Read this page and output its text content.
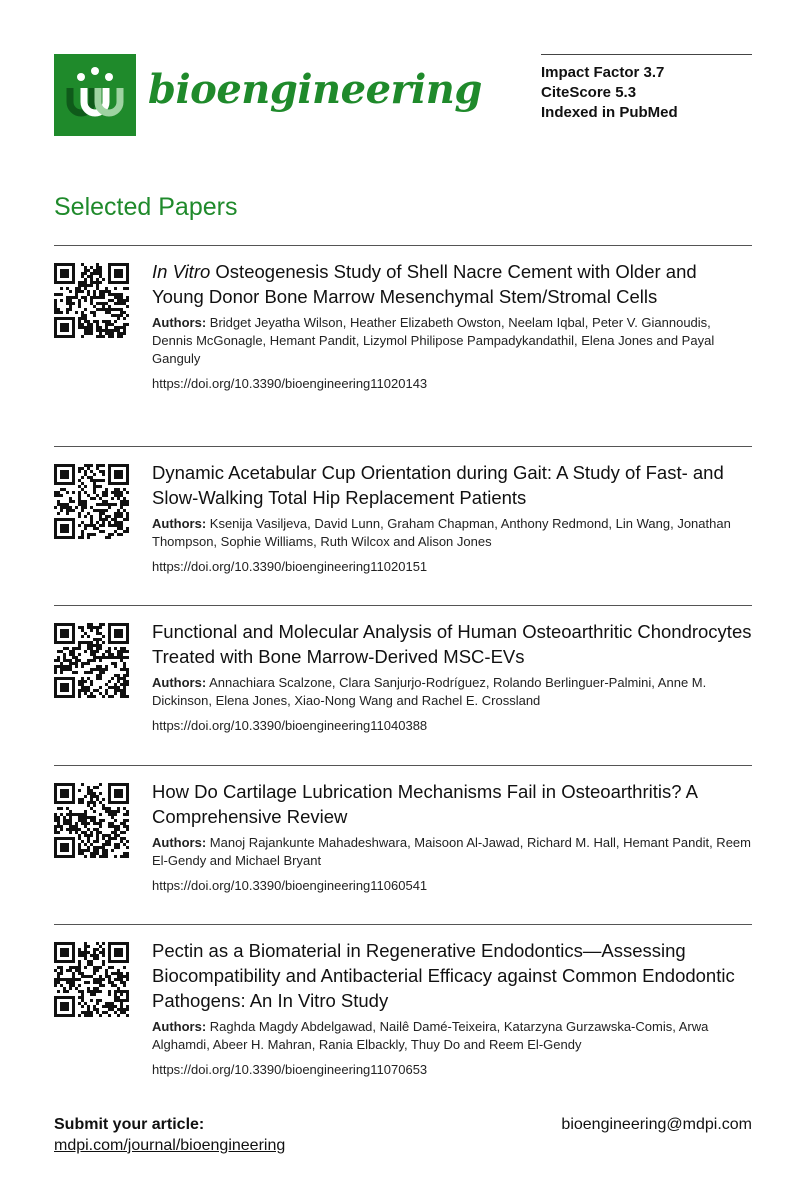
bioengineering	Impact Factor 3.7
CiteScore 5.3
Indexed in PubMed
Selected Papers
In Vitro Osteogenesis Study of Shell Nacre Cement with Older and Young Donor Bone Marrow Mesenchymal Stem/Stromal Cells
Authors: Bridget Jeyatha Wilson, Heather Elizabeth Owston, Neelam Iqbal, Peter V. Giannoudis, Dennis McGonagle, Hemant Pandit, Lizymol Philipose Pampadykandathil, Elena Jones and Payal Ganguly
https://doi.org/10.3390/bioengineering11020143
Dynamic Acetabular Cup Orientation during Gait: A Study of Fast- and Slow-Walking Total Hip Replacement Patients
Authors: Ksenija Vasiljeva, David Lunn, Graham Chapman, Anthony Redmond, Lin Wang, Jonathan Thompson, Sophie Williams, Ruth Wilcox and Alison Jones
https://doi.org/10.3390/bioengineering11020151
Functional and Molecular Analysis of Human Osteoarthritic Chondrocytes Treated with Bone Marrow-Derived MSC-EVs
Authors: Annachiara Scalzone, Clara Sanjurjo-Rodríguez, Rolando Berlinguer-Palmini, Anne M. Dickinson, Elena Jones, Xiao-Nong Wang and Rachel E. Crossland
https://doi.org/10.3390/bioengineering11040388
How Do Cartilage Lubrication Mechanisms Fail in Osteoarthritis? A Comprehensive Review
Authors: Manoj Rajankunte Mahadeshwara, Maisoon Al-Jawad, Richard M. Hall, Hemant Pandit, Reem El-Gendy and Michael Bryant
https://doi.org/10.3390/bioengineering11060541
Pectin as a Biomaterial in Regenerative Endodontics—Assessing Biocompatibility and Antibacterial Efficacy against Common Endodontic Pathogens: An In Vitro Study
Authors: Raghda Magdy Abdelgawad, Nailê Damé-Teixeira, Katarzyna Gurzawska-Comis, Arwa Alghamdi, Abeer H. Mahran, Rania Elbackly, Thuy Do and Reem El-Gendy
https://doi.org/10.3390/bioengineering11070653
Submit your article:
mdpi.com/journal/bioengineering
bioengineering@mdpi.com
